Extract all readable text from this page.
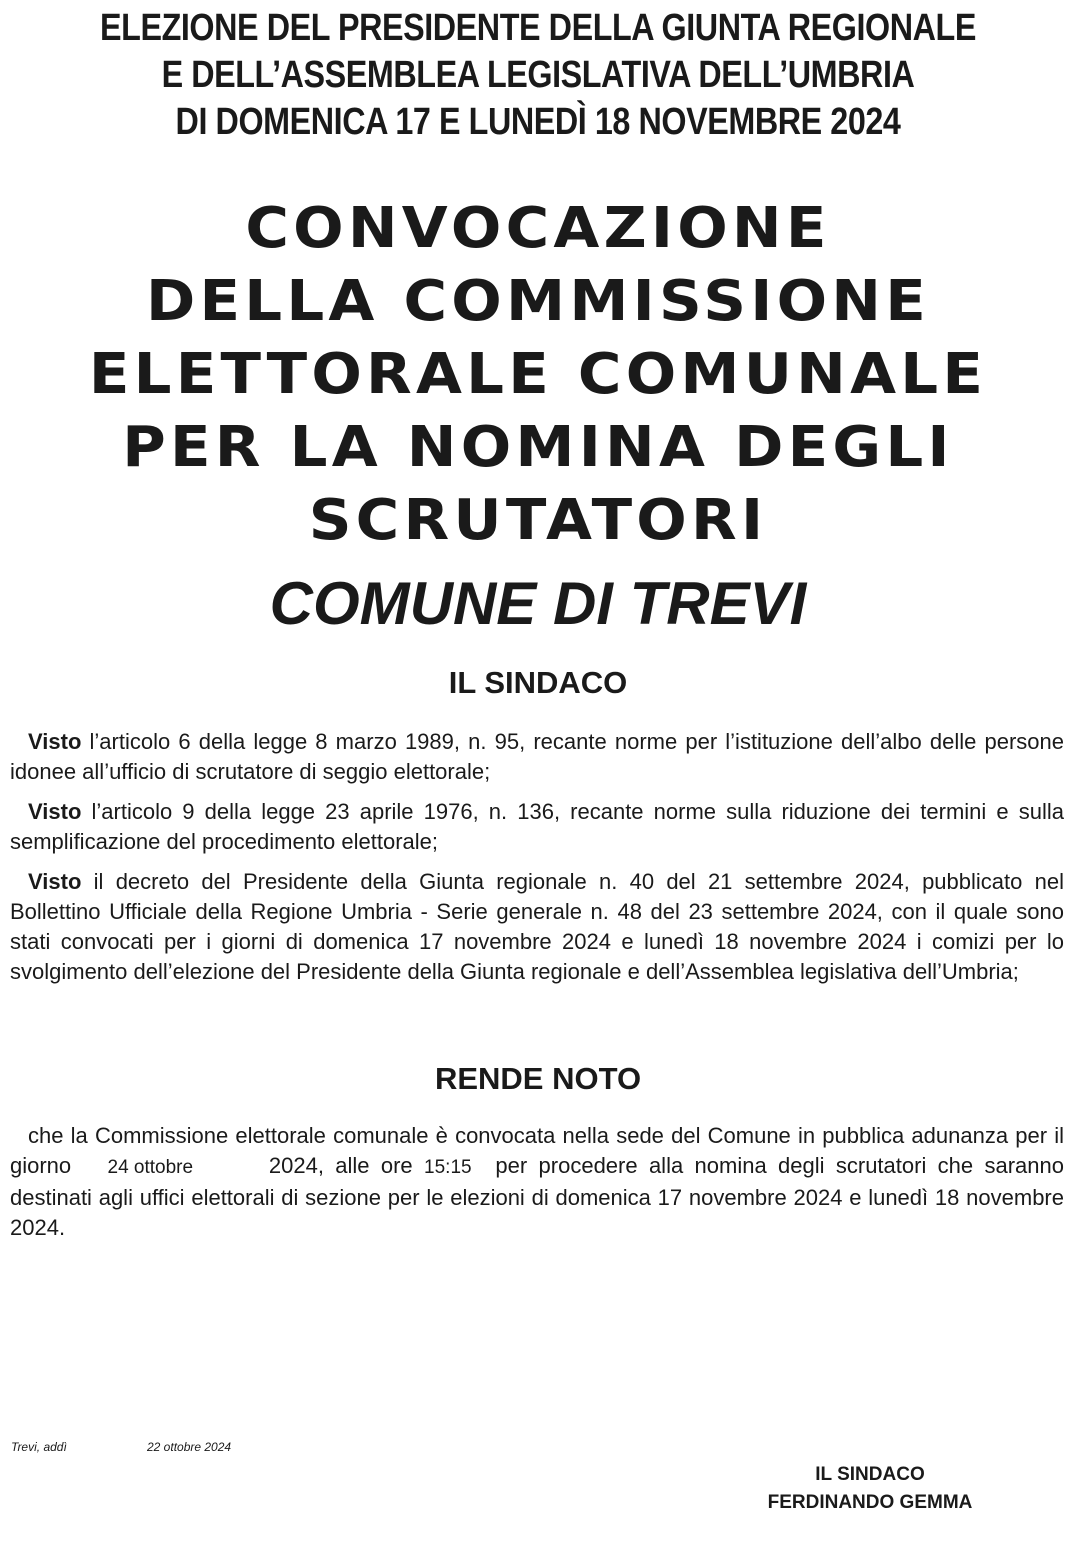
ELEZIONE DEL PRESIDENTE DELLA GIUNTA REGIONALE
E DELL’ASSEMBLEA LEGISLATIVA DELL’UMBRIA
DI DOMENICA 17 E LUNEDÌ 18 NOVEMBRE 2024
CONVOCAZIONE
DELLA COMMISSIONE
ELETTORALE COMUNALE
PER LA NOMINA DEGLI
SCRUTATORI
COMUNE DI TREVI
IL SINDACO

Visto l’articolo 6 della legge 8 marzo 1989, n. 95, recante norme per l’istituzione dell’albo delle persone idonee all’ufficio di scrutatore di seggio elettorale;

Visto l’articolo 9 della legge 23 aprile 1976, n. 136, recante norme sulla riduzione dei termini e sulla semplificazione del procedimento elettorale;

Visto il decreto del Presidente della Giunta regionale n. 40 del 21 settembre 2024, pubblicato nel Bollettino Ufficiale della Regione Umbria - Serie generale n. 48 del 23 settembre 2024, con il quale sono stati convocati per i giorni di domenica 17 novembre 2024 e lunedì 18 novembre 2024 i comizi per lo svolgimento dell’elezione del Presidente della Giunta regionale e dell’Assemblea legislativa dell’Umbria;

RENDE NOTO

che la Commissione elettorale comunale è convocata nella sede del Comune in pubblica adunanza per il giorno 24 ottobre	2024, alle ore 15:15 per procedere alla nomina degli scrutatori che saranno destinati agli uffici elettorali di sezione per le elezioni di domenica 17 novembre 2024 e lunedì 18 novembre 2024.

Trevi, addì	22 ottobre 2024
IL SINDACO
FERDINANDO GEMMA
